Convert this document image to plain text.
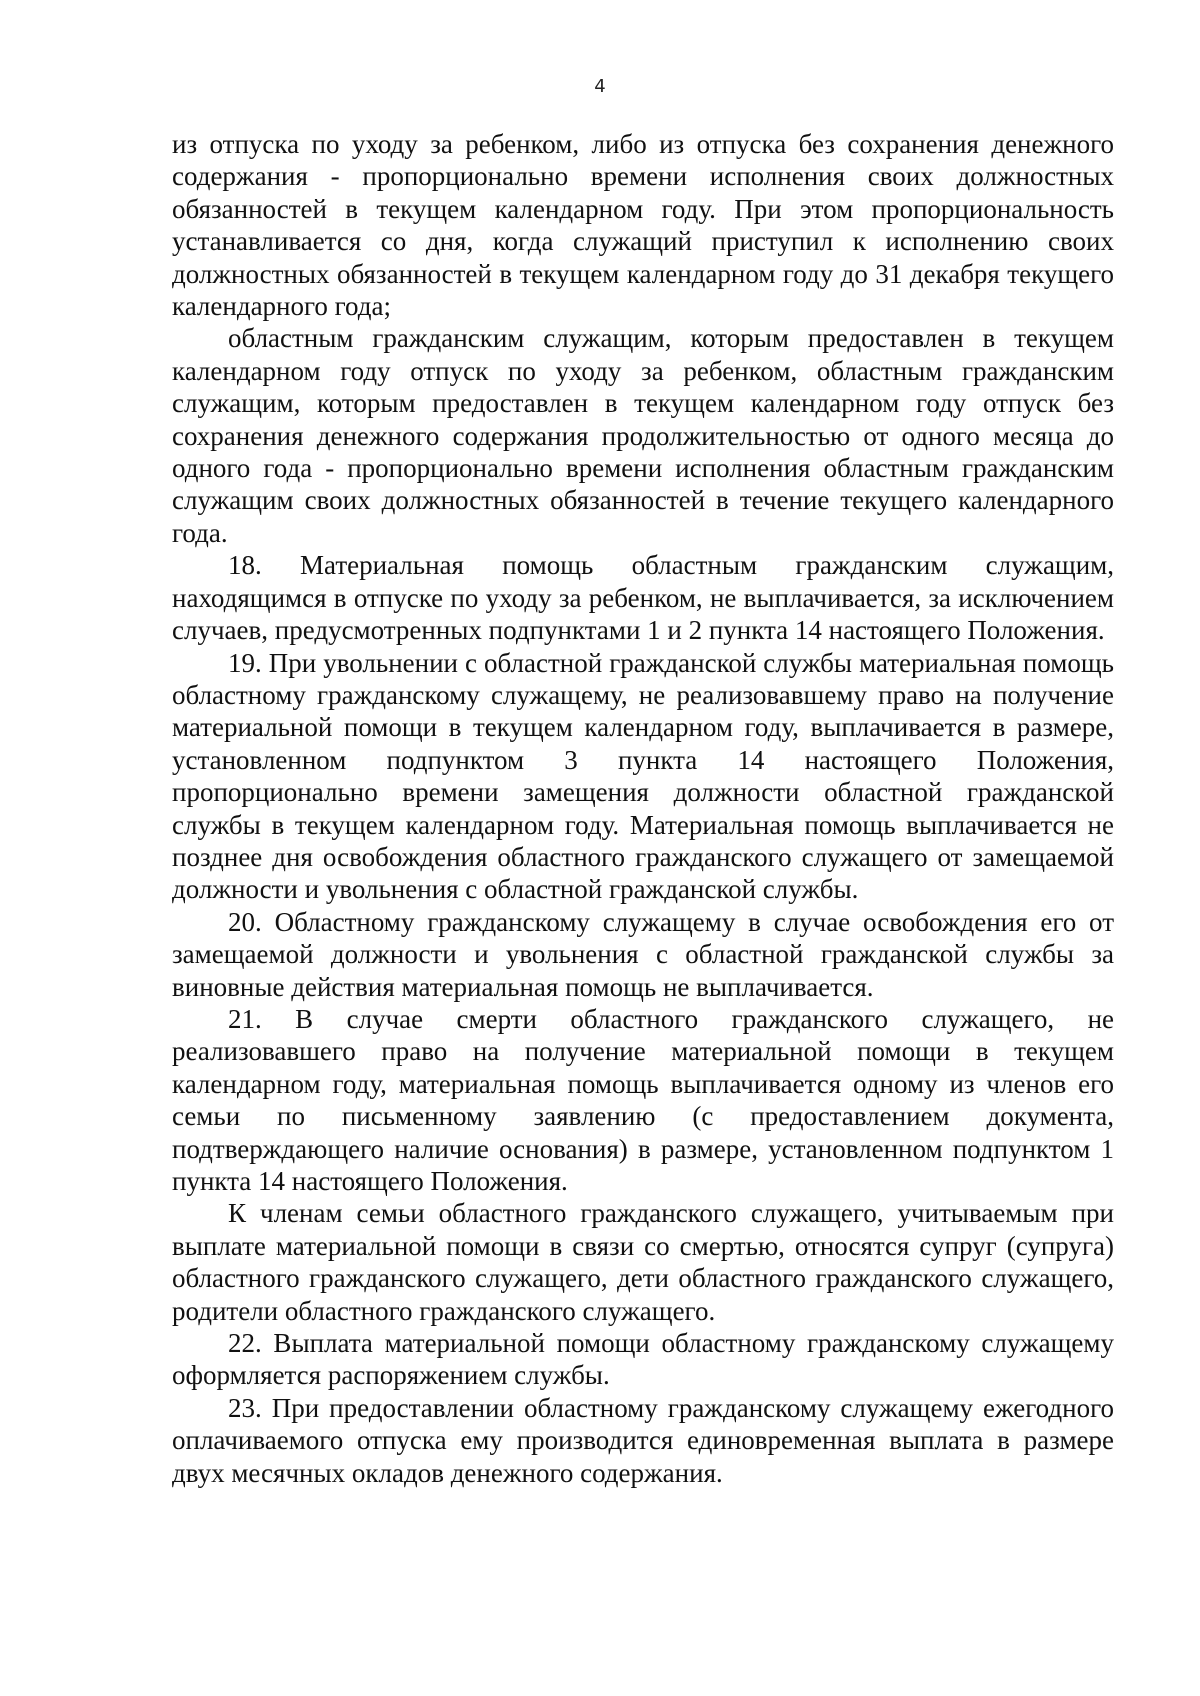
4

из отпуска по уходу за ребенком, либо из отпуска без сохранения денежного содержания - пропорционально времени исполнения своих должностных обязанностей в текущем календарном году. При этом пропорциональность устанавливается со дня, когда служащий приступил к исполнению своих должностных обязанностей в текущем календарном году до 31 декабря текущего календарного года;

областным гражданским служащим, которым предоставлен в текущем календарном году отпуск по уходу за ребенком, областным гражданским служащим, которым предоставлен в текущем календарном году отпуск без сохранения денежного содержания продолжительностью от одного месяца до одного года - пропорционально времени исполнения областным гражданским служащим своих должностных обязанностей в течение текущего календарного года.

18. Материальная помощь областным гражданским служащим, находящимся в отпуске по уходу за ребенком, не выплачивается, за исключением случаев, предусмотренных подпунктами 1 и 2 пункта 14 настоящего Положения.

19. При увольнении с областной гражданской службы материальная помощь областному гражданскому служащему, не реализовавшему право на получение материальной помощи в текущем календарном году, выплачивается в размере, установленном подпунктом 3 пункта 14 настоящего Положения, пропорционально времени замещения должности областной гражданской службы в текущем календарном году. Материальная помощь выплачивается не позднее дня освобождения областного гражданского служащего от замещаемой должности и увольнения с областной гражданской службы.

20. Областному гражданскому служащему в случае освобождения его от замещаемой должности и увольнения с областной гражданской службы за виновные действия материальная помощь не выплачивается.

21. В случае смерти областного гражданского служащего, не реализовавшего право на получение материальной помощи в текущем календарном году, материальная помощь выплачивается одному из членов его семьи по письменному заявлению (с предоставлением документа, подтверждающего наличие основания) в размере, установленном подпунктом 1 пункта 14 настоящего Положения.

К членам семьи областного гражданского служащего, учитываемым при выплате материальной помощи в связи со смертью, относятся супруг (супруга) областного гражданского служащего, дети областного гражданского служащего, родители областного гражданского служащего.

22. Выплата материальной помощи областному гражданскому служащему оформляется распоряжением службы.

23. При предоставлении областному гражданскому служащему ежегодного оплачиваемого отпуска ему производится единовременная выплата в размере двух месячных окладов денежного содержания.
